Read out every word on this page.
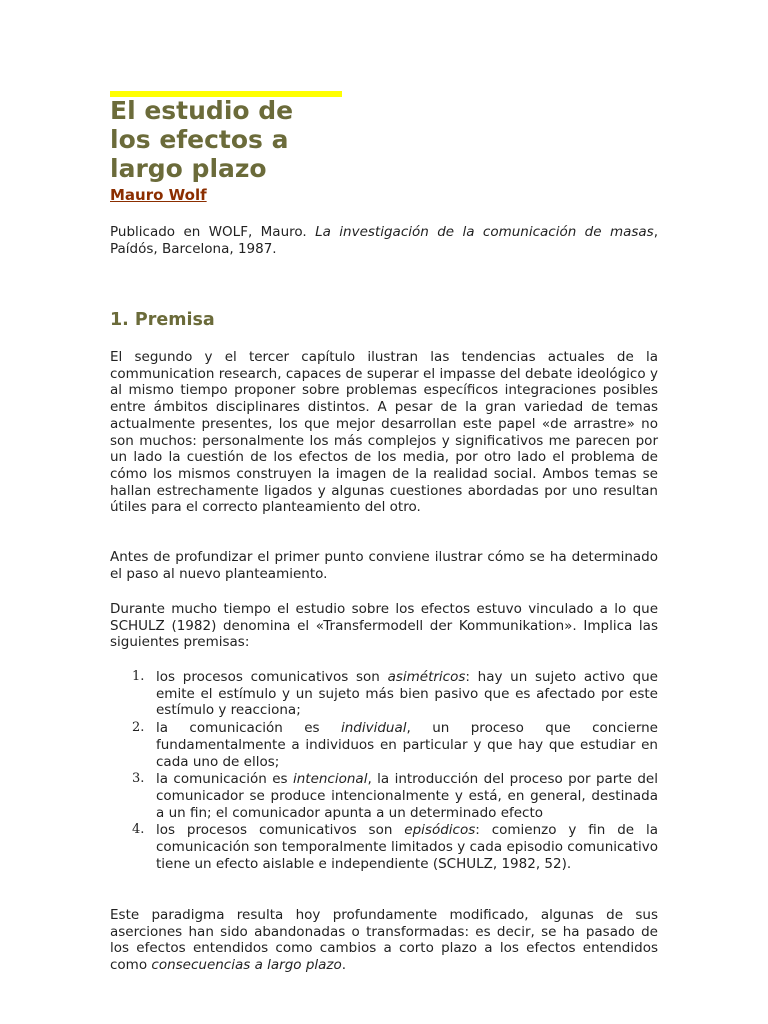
El estudio de
los efectos a
largo plazo
Mauro Wolf

Publicado en WOLF, Mauro. La investigación de la comunicación de masas, Paídós, Barcelona, 1987.

1. Premisa

El segundo y el tercer capítulo ilustran las tendencias actuales de la communication research, capaces de superar el impasse del debate ideológico y al mismo tiempo proponer sobre problemas específicos integraciones posibles entre ámbitos disciplinares distintos. A pesar de la gran variedad de temas actualmente presentes, los que mejor desarrollan este papel «de arrastre» no son muchos: personalmente los más complejos y significativos me parecen por un lado la cuestión de los efectos de los media, por otro lado el problema de cómo los mismos construyen la imagen de la realidad social. Ambos temas se hallan estrechamente ligados y algunas cuestiones abordadas por uno resultan útiles para el correcto planteamiento del otro.

Antes de profundizar el primer punto conviene ilustrar cómo se ha determinado el paso al nuevo planteamiento.

Durante mucho tiempo el estudio sobre los efectos estuvo vinculado a lo que SCHULZ (1982) denomina el «Transfermodell der Kommunikation». Implica las siguientes premisas:

1. los procesos comunicativos son asimétricos: hay un sujeto activo que emite el estímulo y un sujeto más bien pasivo que es afectado por este estímulo y reacciona;
2. la comunicación es individual, un proceso que concierne fundamentalmente a individuos en particular y que hay que estudiar en cada uno de ellos;
3. la comunicación es intencional, la introducción del proceso por parte del comunicador se produce intencionalmente y está, en general, destinada a un fin; el comunicador apunta a un determinado efecto
4. los procesos comunicativos son episódicos: comienzo y fin de la comunicación son temporalmente limitados y cada episodio comunicativo tiene un efecto aislable e independiente (SCHULZ, 1982, 52).

Este paradigma resulta hoy profundamente modificado, algunas de sus aserciones han sido abandonadas o transformadas: es decir, se ha pasado de los efectos entendidos como cambios a corto plazo a los efectos entendidos como consecuencias a largo plazo.
